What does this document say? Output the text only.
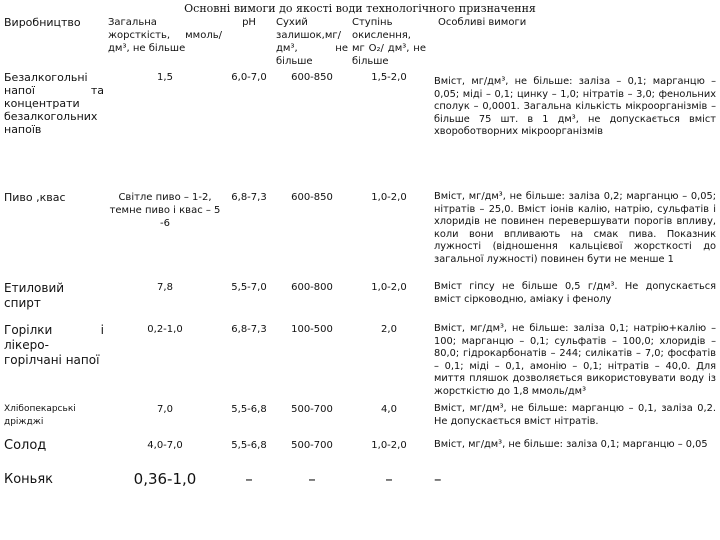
Основні вимоги до якості води технологічного призначення
Виробництво	Загальна жорсткість, ммоль/дм³, не більше	pH	Сухий залишок,мг/ дм³, не більше	Ступінь окислення, мг О₂/ дм³, не більше	Особливі вимоги
Безалкогольні напої та концентрати безалкогольних напоїв	1,5	6,0-7,0	600-850	1,5-2,0	Вміст, мг/дм³, не більше: заліза – 0,1; марганцю – 0,05; міді – 0,1; цинку – 1,0; нітратів – 3,0; фенольних сполук – 0,0001. Загальна кількість мікроорганізмів – більше 75 шт. в 1 дм³, не допускається вміст хвороботворних мікроорганізмів
Пиво ,квас	Світле пиво – 1-2, темне пиво і квас – 5 -6	6,8-7,3	600-850	1,0-2,0	Вміст, мг/дм³, не більше: заліза 0,2; марганцю – 0,05; нітратів – 25,0. Вміст іонів калію, натрію, сульфатів і хлоридів не повинен перевершувати порогів впливу, коли вони впливають на смак пива. Показник лужності (відношення кальцієвої жорсткості до загальної лужності) повинен бути не менше 1
Етиловий спирт	7,8	5,5-7,0	600-800	1,0-2,0	Вміст гіпсу не більше 0,5 г/дм³. Не допускається вміст сірководню, аміаку і фенолу
Горілки і лікеро-горілчані напої	0,2-1,0	6,8-7,3	100-500	2,0	Вміст, мг/дм³, не більше: заліза 0,1; натрію+калію – 100; марганцю – 0,1; сульфатів – 100,0; хлоридів – 80,0; гідрокарбонатів – 244; силікатів – 7,0; фосфатів – 0,1; міді – 0,1, амонію – 0,1; нітратів – 40,0. Для миття пляшок дозволяється використовувати воду із жорсткістю до 1,8 ммоль/дм³
Хлібопекарські дріжджі	7,0	5,5-6,8	500-700	4,0	Вміст, мг/дм³, не більше: марганцю – 0,1, заліза 0,2. Не допускається вміст нітратів.
Солод	4,0-7,0	5,5-6,8	500-700	1,0-2,0	Вміст, мг/дм³, не більше: заліза 0,1; марганцю – 0,05
Коньяк	0,36-1,0	–	–	–	–
